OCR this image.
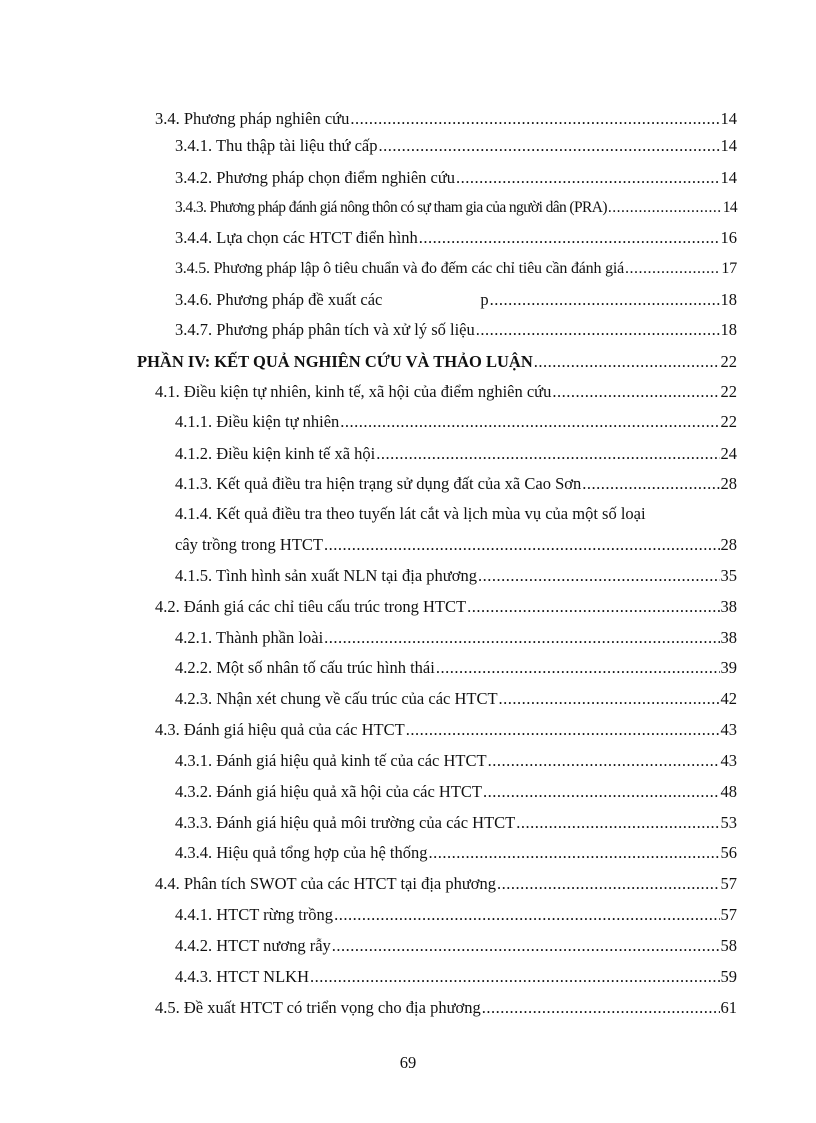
3.4. Phương pháp nghiên cứu .....	14
3.4.1. Thu thập tài liệu thứ cấp .....	14
3.4.2. Phương pháp chọn điểm nghiên cứu .....	14
3.4.3. Phương pháp đánh giá nông thôn có sự tham gia của người dân (PRA) .....	14
3.4.4. Lựa chọn các HTCT điển hình .....	16
3.4.5. Phương pháp lập ô tiêu chuẩn và đo đếm các chỉ tiêu cần đánh giá .....	17
3.4.6. Phương pháp đề xuất các	p .....	18
3.4.7. Phương pháp phân tích và xử lý số liệu .....	18
PHẦN IV: KẾT QUẢ NGHIÊN CỨU VÀ THẢO LUẬN .....	22
4.1. Điều kiện tự nhiên, kinh tế, xã hội của điểm nghiên cứu .....	22
4.1.1. Điều kiện tự nhiên .....	22
4.1.2. Điều kiện kinh tế xã hội .....	24
4.1.3. Kết quả điều tra hiện trạng sử dụng đất của xã Cao Sơn .....	28
4.1.4. Kết quả điều tra theo tuyến lát cắt và lịch mùa vụ của một số loại
cây trồng trong HTCT .....	28
4.1.5. Tình hình sản xuất NLN tại địa phương .....	35
4.2. Đánh giá các chỉ tiêu cấu trúc trong HTCT .....	38
4.2.1. Thành phần loài .....	38
4.2.2. Một số nhân tố cấu trúc hình thái .....	39
4.2.3. Nhận xét chung về cấu trúc của các HTCT .....	42
4.3. Đánh giá hiệu quả của các HTCT .....	43
4.3.1. Đánh giá hiệu quả kinh tế của các HTCT .....	43
4.3.2. Đánh giá hiệu quả xã hội của các HTCT .....	48
4.3.3. Đánh giá hiệu quả môi trường của các HTCT .....	53
4.3.4. Hiệu quả tổng hợp của hệ thống .....	56
4.4. Phân tích SWOT của các HTCT tại địa phương .....	57
4.4.1. HTCT rừng trồng .....	57
4.4.2. HTCT nương rẫy .....	58
4.4.3. HTCT NLKH .....	59
4.5. Đề xuất HTCT có triển vọng cho địa phương .....	61
69
